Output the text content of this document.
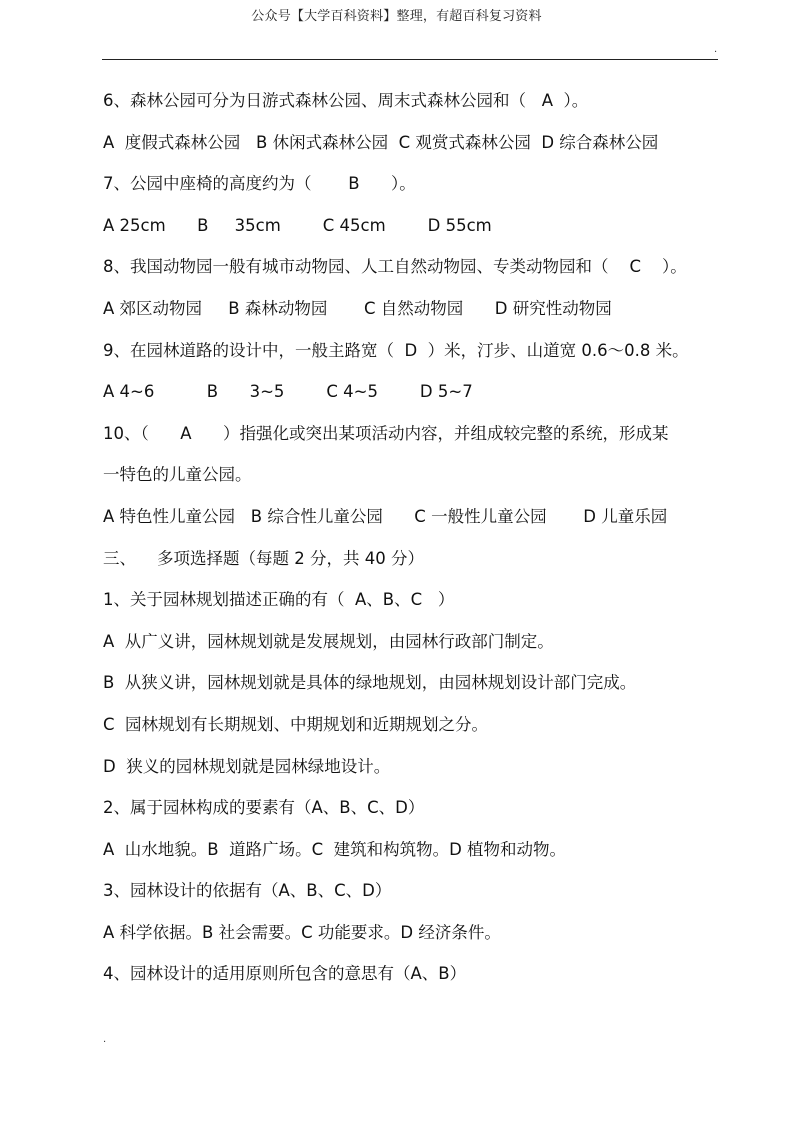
公众号【大学百科资料】整理，有超百科复习资料
.
6、森林公园可分为日游式森林公园、周末式森林公园和（   A  ）。
A  度假式森林公园   B 休闲式森林公园  C 观赏式森林公园  D 综合森林公园
7、公园中座椅的高度约为（       B      ）。
A 25cm      B     35cm        C 45cm        D 55cm
8、我国动物园一般有城市动物园、人工自然动物园、专类动物园和（    C    ）。
A 郊区动物园     B 森林动物园       C 自然动物园      D 研究性动物园
9、在园林道路的设计中，一般主路宽（  D  ）米，汀步、山道宽 0.6～0.8 米。
A 4~6          B      3~5        C 4~5        D 5~7
10、（      A      ）指强化或突出某项活动内容，并组成较完整的系统，形成某
一特色的儿童公园。
A 特色性儿童公园   B 综合性儿童公园      C 一般性儿童公园       D 儿童乐园
三、    多项选择题（每题 2 分，共 40 分）
1、关于园林规划描述正确的有（  A、B、C   ）
A  从广义讲，园林规划就是发展规划，由园林行政部门制定。
B  从狭义讲，园林规划就是具体的绿地规划，由园林规划设计部门完成。
C  园林规划有长期规划、中期规划和近期规划之分。
D  狭义的园林规划就是园林绿地设计。
2、属于园林构成的要素有（A、B、C、D）
A  山水地貌。B  道路广场。C  建筑和构筑物。D 植物和动物。
3、园林设计的依据有（A、B、C、D）
A 科学依据。B 社会需要。C 功能要求。D 经济条件。
4、园林设计的适用原则所包含的意思有（A、B）
.
